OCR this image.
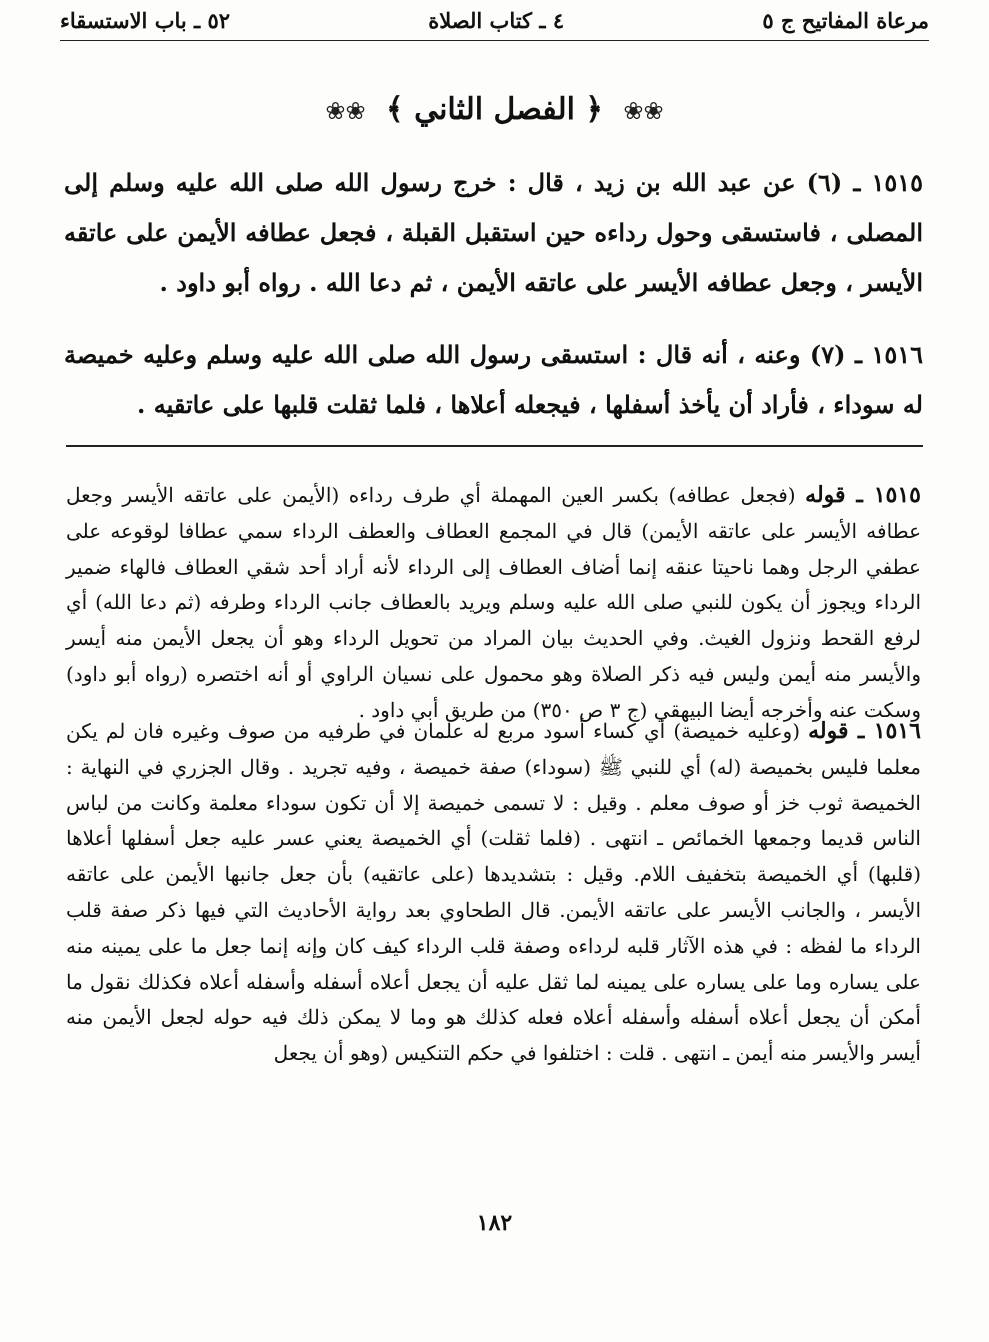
مرعاة المفاتيح ج ٥
٤ ـ كتاب الصلاة
٥٢ ـ باب الاستسقاء
❀❀ ﴿ الفصل الثاني ﴾ ❀❀
١٥١٥ ـ (٦) عن عبد الله بن زيد ، قال : خرج رسول الله صلى الله عليه وسلم إلى المصلى ، فاستسقى وحول رداءه حين استقبل القبلة ، فجعل عطافه الأيمن على عاتقه الأيسر ، وجعل عطافه الأيسر على عاتقه الأيمن ، ثم دعا الله . رواه أبو داود .
١٥١٦ ـ (٧) وعنه ، أنه قال : استسقى رسول الله صلى الله عليه وسلم وعليه خميصة له سوداء ، فأراد أن يأخذ أسفلها ، فيجعله أعلاها ، فلما ثقلت قلبها على عاتقيه .
١٥١٥ ـ قوله (فجعل عطافه) بكسر العين المهملة أي طرف رداءه (الأيمن على عاتقه الأيسر وجعل عطافه الأيسر على عاتقه الأيمن) قال في المجمع العطاف والعطف الرداء سمي عطافا لوقوعه على عطفي الرجل وهما ناحيتا عنقه إنما أضاف العطاف إلى الرداء لأنه أراد أحد شقي العطاف فالهاء ضمير الرداء ويجوز أن يكون للنبي صلى الله عليه وسلم ويريد بالعطاف جانب الرداء وطرفه (ثم دعا الله) أي لرفع القحط ونزول الغيث. وفي الحديث بيان المراد من تحويل الرداء وهو أن يجعل الأيمن منه أيسر والأيسر منه أيمن وليس فيه ذكر الصلاة وهو محمول على نسيان الراوي أو أنه اختصره (رواه أبو داود) وسكت عنه وأخرجه أيضا البيهقي (ج ٣ ص ٣٥٠) من طريق أبي داود .
١٥١٦ ـ قوله (وعليه خميصة) أي كساء أسود مربع له علمان في طرفيه من صوف وغيره فان لم يكن معلما فليس بخميصة (له) أي للنبي ﷺ (سوداء) صفة خميصة ، وفيه تجريد . وقال الجزري في النهاية : الخميصة ثوب خز أو صوف معلم . وقيل : لا تسمى خميصة إلا أن تكون سوداء معلمة وكانت من لباس الناس قديما وجمعها الخمائص ـ انتهى . (فلما ثقلت) أي الخميصة يعني عسر عليه جعل أسفلها أعلاها (قلبها) أي الخميصة بتخفيف اللام. وقيل : بتشديدها (على عاتقيه) بأن جعل جانبها الأيمن على عاتقه الأيسر ، والجانب الأيسر على عاتقه الأيمن. قال الطحاوي بعد رواية الأحاديث التي فيها ذكر صفة قلب الرداء ما لفظه : في هذه الآثار قلبه لرداءه وصفة قلب الرداء كيف كان وإنه إنما جعل ما على يمينه منه على يساره وما على يساره على يمينه لما ثقل عليه أن يجعل أعلاه أسفله وأسفله أعلاه فكذلك نقول ما أمكن أن يجعل أعلاه أسفله وأسفله أعلاه فعله كذلك هو وما لا يمكن ذلك فيه حوله لجعل الأيمن منه أيسر والأيسر منه أيمن ـ انتهى . قلت : اختلفوا في حكم التنكيس (وهو أن يجعل
١٨٢
